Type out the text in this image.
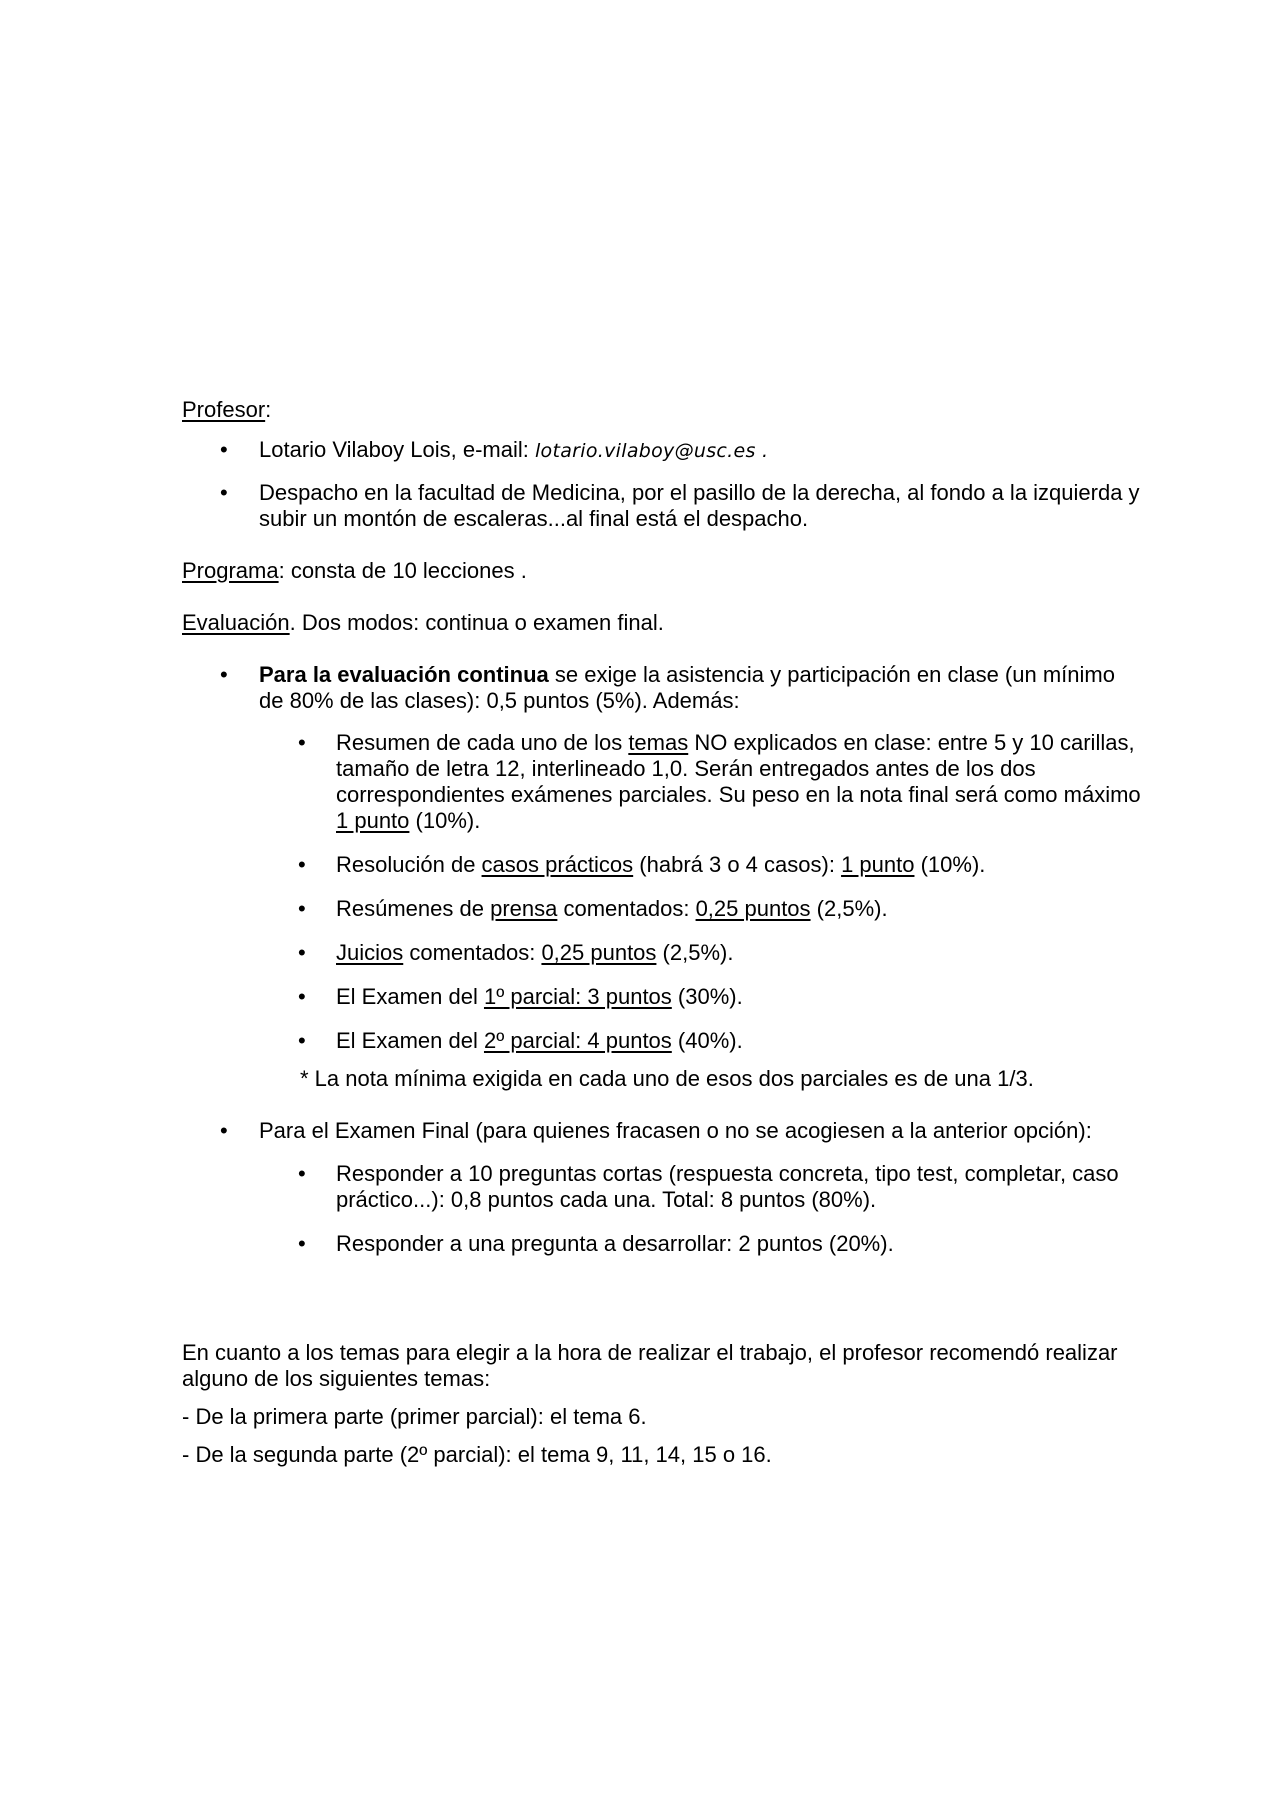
Profesor:

• Lotario Vilaboy Lois, e-mail: lotario.vilaboy@usc.es .
• Despacho en la facultad de Medicina, por el pasillo de la derecha, al fondo a la izquierda y subir un montón de escaleras...al final está el despacho.

Programa: consta de 10 lecciones .

Evaluación. Dos modos: continua o examen final.

• Para la evaluación continua se exige la asistencia y participación en clase (un mínimo de 80% de las clases): 0,5 puntos (5%). Además:

• Resumen de cada uno de los temas NO explicados en clase: entre 5 y 10 carillas, tamaño de letra 12, interlineado 1,0. Serán entregados antes de los dos correspondientes exámenes parciales. Su peso en la nota final será como máximo 1 punto (10%).
• Resolución de casos prácticos (habrá 3 o 4 casos): 1 punto (10%).
• Resúmenes de prensa comentados: 0,25 puntos (2,5%).
• Juicios comentados: 0,25 puntos (2,5%).
• El Examen del 1º parcial: 3 puntos (30%).
• El Examen del 2º parcial: 4 puntos (40%).

* La nota mínima exigida en cada uno de esos dos parciales es de una 1/3.

• Para el Examen Final (para quienes fracasen o no se acogiesen a la anterior opción):

• Responder a 10 preguntas cortas (respuesta concreta, tipo test, completar, caso práctico...): 0,8 puntos cada una. Total: 8 puntos (80%).
• Responder a una pregunta a desarrollar: 2 puntos (20%).

En cuanto a los temas para elegir a la hora de realizar el trabajo, el profesor recomendó realizar alguno de los siguientes temas:

- De la primera parte (primer parcial): el tema 6.

- De la segunda parte (2º parcial): el tema 9, 11, 14, 15 o 16.
